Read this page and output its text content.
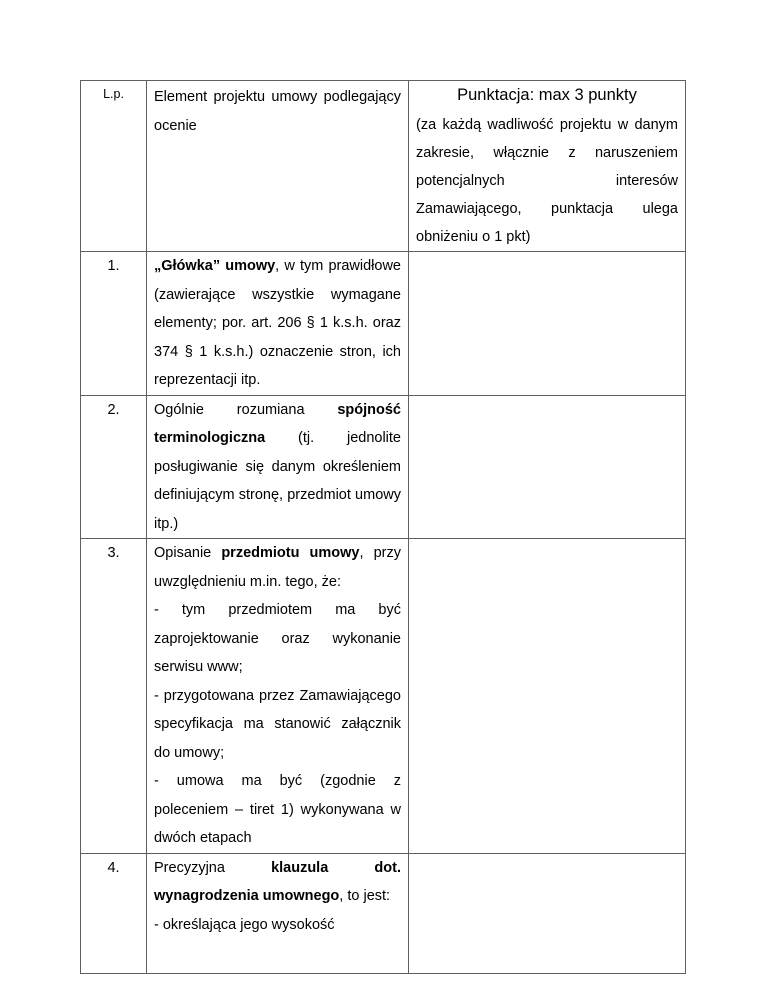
L.p.	Element projektu umowy podlegający ocenie	Punktacja: max 3 punkty
(za każdą wadliwość projektu w danym zakresie, włącznie z naruszeniem potencjalnych interesów Zamawiającego, punktacja ulega obniżeniu o 1 pkt)

1.	„Główka” umowy, w tym prawidłowe (zawierające wszystkie wymagane elementy; por. art. 206 § 1 k.s.h. oraz 374 § 1 k.s.h.) oznaczenie stron, ich reprezentacji itp.	
2.	Ogólnie rozumiana spójność terminologiczna (tj. jednolite posługiwanie się danym określeniem definiującym stronę, przedmiot umowy itp.)	
3.	Opisanie przedmiotu umowy, przy uwzględnieniu m.in. tego, że:

- tym przedmiotem ma być zaprojektowanie oraz wykonanie serwisu www;

- przygotowana przez Zamawiającego specyfikacja ma stanowić załącznik do umowy;

- umowa ma być (zgodnie z poleceniem – tiret 1) wykonywana w dwóch etapach	

4.	Precyzyjna klauzula dot. wynagrodzenia umownego, to jest:

- określająca jego wysokość	
